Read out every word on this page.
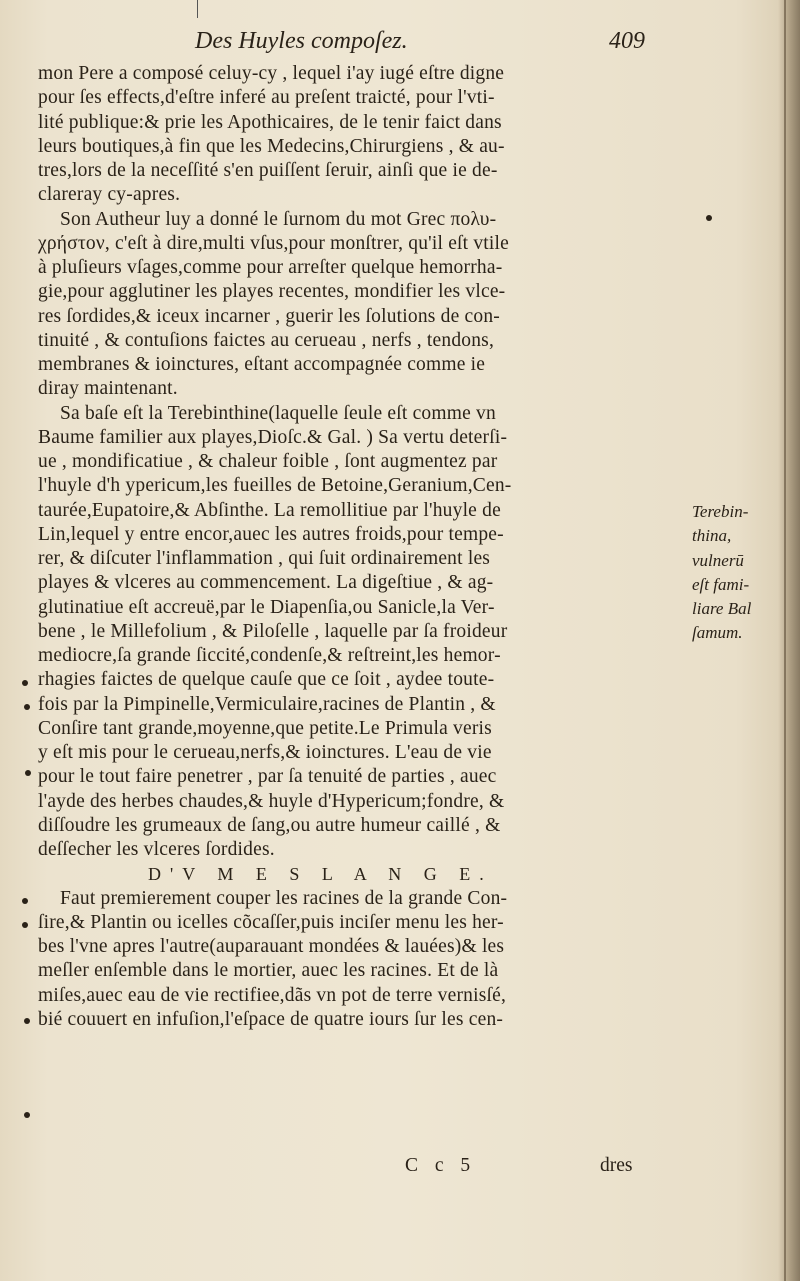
Des Huyles compoſez.	409
mon Pere a composé celuy-cy , lequel i'ay iugé eſtre digne
pour ſes effects,d'eſtre inferé au preſent traicté, pour l'vti-
lité publique:& prie les Apothicaires, de le tenir faict dans
leurs boutiques,à fin que les Medecins,Chirurgiens , & au-
tres,lors de la neceſſité s'en puiſſent ſeruir, ainſi que ie de-
clareray cy-apres.
Son Autheur luy a donné le ſurnom du mot Grec πολυ-
χρήστον, c'eſt à dire,multi vſus,pour monſtrer, qu'il eſt vtile
à pluſieurs vſages,comme pour arreſter quelque hemorrha-
gie,pour agglutiner les playes recentes, mondifier les vlce-
res ſordides,& iceux incarner , guerir les ſolutions de con-
tinuité , & contuſions faictes au cerueau , nerfs , tendons,
membranes & ioinctures, eſtant accompagnée comme ie
diray maintenant.
Sa baſe eſt la Terebinthine(laquelle ſeule eſt comme vn
Baume familier aux playes,Dioſc.& Gal. ) Sa vertu deterſi-
ue , mondificatiue , & chaleur foible , ſont augmentez par
l'huyle d'h ypericum,les fueilles de Betoine,Geranium,Cen-
taurée,Eupatoire,& Abſinthe. La remollitiue par l'huyle de
Lin,lequel y entre encor,auec les autres froids,pour tempe-
rer, & diſcuter l'inflammation , qui ſuit ordinairement les
playes & vlceres au commencement. La digeſtiue , & ag-
glutinatiue eſt accreuë,par le Diapenſia,ou Sanicle,la Ver-
bene , le Millefolium , & Piloſelle , laquelle par ſa froideur
mediocre,ſa grande ſiccité,condenſe,& reſtreint,les hemor-
rhagies faictes de quelque cauſe que ce ſoit , aydee toute-
fois par la Pimpinelle,Vermiculaire,racines de Plantin , &
Conſire tant grande,moyenne,que petite.Le Primula veris
y eſt mis pour le cerueau,nerfs,& ioinctures. L'eau de vie
pour le tout faire penetrer , par ſa tenuité de parties , auec
l'ayde des herbes chaudes,& huyle d'Hypericum;fondre, &
diſſoudre les grumeaux de ſang,ou autre humeur caillé , &
deſſecher les vlceres ſordides.
D'V M E S L A N G E.
Faut premierement couper les racines de la grande Con-
ſire,& Plantin ou icelles cõcaſſer,puis inciſer menu les her-
bes l'vne apres l'autre(auparauant mondées & lauées)& les
meſler enſemble dans le mortier, auec les racines. Et de là
miſes,auec eau de vie rectifiee,dãs vn pot de terre vernisſé,
bié couuert en infuſion,l'eſpace de quatre iours ſur les cen-
Terebin-
thina,
vulnerū
eſt fami-
liare Bal
ſamum.
C c 5	dres
